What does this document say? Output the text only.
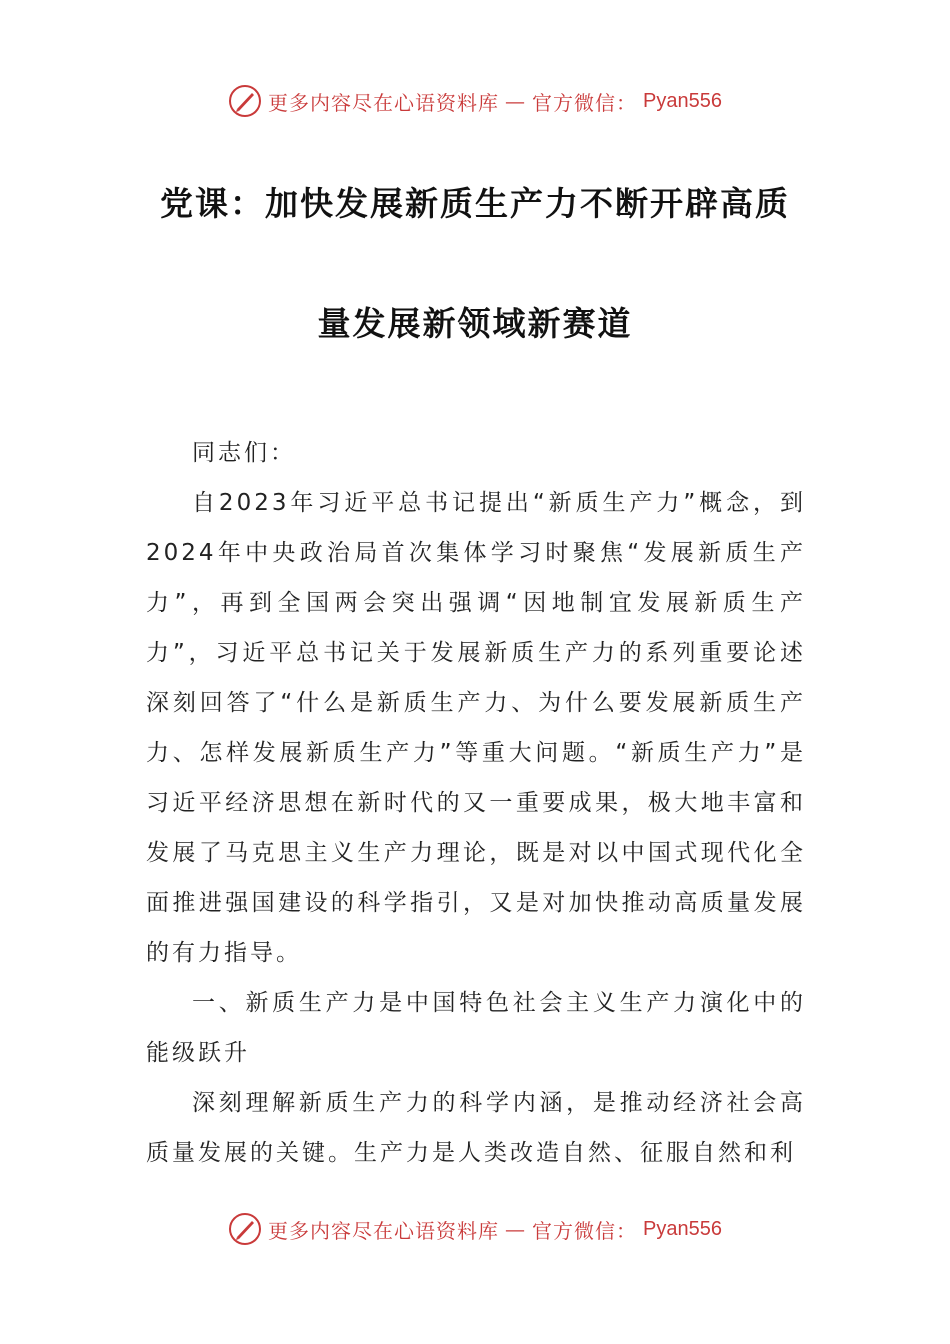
更多内容尽在心语资料库 — 官方微信： Pyan556
党课：加快发展新质生产力不断开辟高质
量发展新领域新赛道

同志们：

自2023年习近平总书记提出“新质生产力”概念，到2024年中央政治局首次集体学习时聚焦“发展新质生产力”，再到全国两会突出强调“因地制宜发展新质生产力”，习近平总书记关于发展新质生产力的系列重要论述深刻回答了“什么是新质生产力、为什么要发展新质生产力、怎样发展新质生产力”等重大问题。“新质生产力”是习近平经济思想在新时代的又一重要成果，极大地丰富和发展了马克思主义生产力理论，既是对以中国式现代化全面推进强国建设的科学指引，又是对加快推动高质量发展的有力指导。

一、新质生产力是中国特色社会主义生产力演化中的能级跃升

深刻理解新质生产力的科学内涵，是推动经济社会高质量发展的关键。生产力是人类改造自然、征服自然和利

更多内容尽在心语资料库 — 官方微信： Pyan556
